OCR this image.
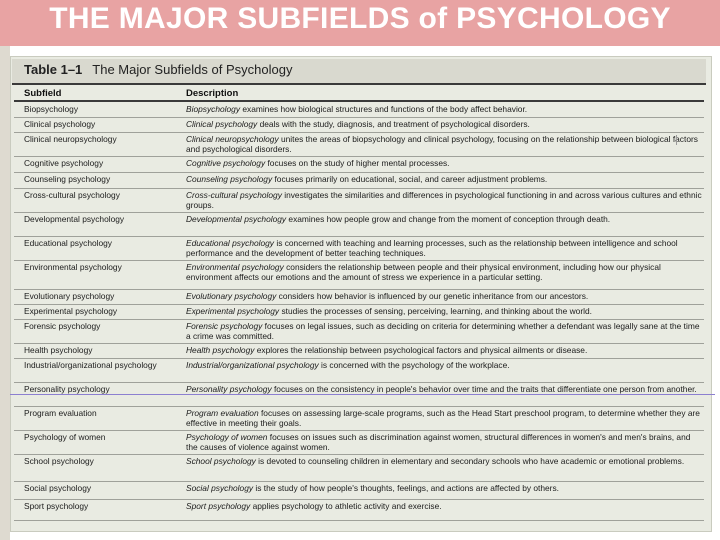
THE MAJOR SUBFIELDS of PSYCHOLOGY
Table 1–1 The Major Subfields of Psychology
Subfield	Description
Biopsychology	Biopsychology examines how biological structures and functions of the body affect behavior.
Clinical psychology	Clinical psychology deals with the study, diagnosis, and treatment of psychological disorders.
Clinical neuropsychology	Clinical neuropsychology unites the areas of biopsychology and clinical psychology, focusing on the relationship between biological factors and psychological disorders.
Cognitive psychology	Cognitive psychology focuses on the study of higher mental processes.
Counseling psychology	Counseling psychology focuses primarily on educational, social, and career adjustment problems.
Cross-cultural psychology	Cross-cultural psychology investigates the similarities and differences in psychological functioning in and across various cultures and ethnic groups.
Developmental psychology	Developmental psychology examines how people grow and change from the moment of conception through death.
Educational psychology	Educational psychology is concerned with teaching and learning processes, such as the relationship between intelligence and school performance and the development of better teaching techniques.
Environmental psychology	Environmental psychology considers the relationship between people and their physical environment, including how our physical environment affects our emotions and the amount of stress we experience in a particular setting.
Evolutionary psychology	Evolutionary psychology considers how behavior is influenced by our genetic inheritance from our ancestors.
Experimental psychology	Experimental psychology studies the processes of sensing, perceiving, learning, and thinking about the world.
Forensic psychology	Forensic psychology focuses on legal issues, such as deciding on criteria for determining whether a defendant was legally sane at the time a crime was committed.
Health psychology	Health psychology explores the relationship between psychological factors and physical ailments or disease.
Industrial/organizational psychology	Industrial/organizational psychology is concerned with the psychology of the workplace.
Personality psychology	Personality psychology focuses on the consistency in people's behavior over time and the traits that differentiate one person from another.
Program evaluation	Program evaluation focuses on assessing large-scale programs, such as the Head Start preschool program, to determine whether they are effective in meeting their goals.
Psychology of women	Psychology of women focuses on issues such as discrimination against women, structural differences in women's and men's brains, and the causes of violence against women.
School psychology	School psychology is devoted to counseling children in elementary and secondary schools who have academic or emotional problems.
Social psychology	Social psychology is the study of how people's thoughts, feelings, and actions are affected by others.
Sport psychology	Sport psychology applies psychology to athletic activity and exercise.
